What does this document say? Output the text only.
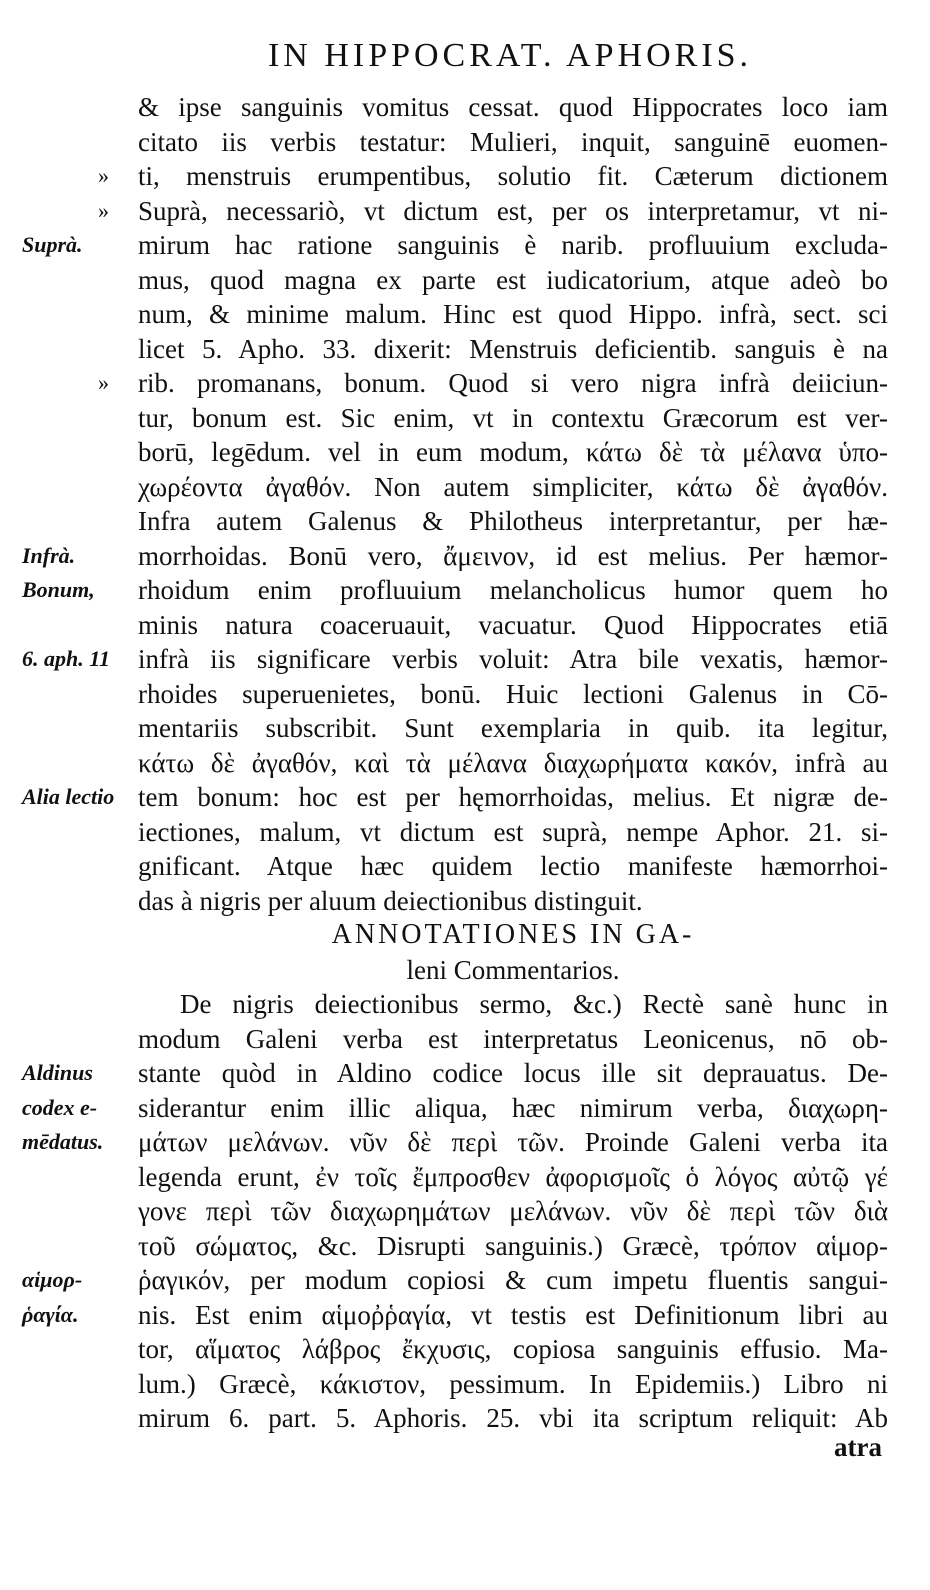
IN HIPPOCRAT. APHORIS.
& ipse sanguinis vomitus cessat. quod Hippocrates loco iam
citato iis verbis testatur: Mulieri, inquit, sanguinē euomen-
» ti, menstruis erumpentibus, solutio fit. Cæterum dictionem
» Suprà, necessariò, vt dictum est, per os interpretamur, vt ni-
Suprà. mirum hac ratione sanguinis è narib. profluuium excluda-
mus, quod magna ex parte est iudicatorium, atque adeò bo
num, & minime malum. Hinc est quod Hippo. infrà, sect. sci
licet 5. Apho. 33. dixerit: Menstruis deficientib. sanguis è na
» rib. promanans, bonum. Quod si vero nigra infrà deiiciun-
tur, bonum est. Sic enim, vt in contextu Græcorum est ver-
borū, legēdum. vel in eum modum, κάτω δὲ τὰ μέλανα ὑπο-
χωρέοντα ἀγαθόν. Non autem simpliciter, κάτω δὲ ἀγαθόν.
Infra autem Galenus & Philotheus interpretantur, per hæ-
Infrà. morrhoidas. Bonū vero, ἄμεινον, id est melius. Per hæmor-
Bonum, rhoidum enim profluuium melancholicus humor quem ho
minis natura coaceruauit, vacuatur. Quod Hippocrates etiā
6. aph. 11 infrà iis significare verbis voluit: Atra bile vexatis, hæmor-
rhoides superuenietes, bonū. Huic lectioni Galenus in Cō-
mentariis subscribit. Sunt exemplaria in quib. ita legitur,
κάτω δὲ ἀγαθόν, καὶ τὰ μέλανα διαχωρήματα κακόν, infrà au
Alia lectio tem bonum: hoc est per hęmorrhoidas, melius. Et nigræ de-
iectiones, malum, vt dictum est suprà, nempe Aphor. 21. si-
gnificant. Atque hæc quidem lectio manifeste hæmorrhoi-
das à nigris per aluum deiectionibus distinguit.
ANNOTATIONES IN GA-
leni Commentarios.
De nigris deiectionibus sermo, &c.) Rectè sanè hunc in
modum Galeni verba est interpretatus Leonicenus, nō ob-
Aldinus stante quòd in Aldino codice locus ille sit deprauatus. De-
codex e- siderantur enim illic aliqua, hæc nimirum verba, διαχωρη-
mēdatus. μάτων μελάνων. νῦν δὲ περὶ τῶν. Proinde Galeni verba ita
legenda erunt, ἐν τοῖς ἔμπροσθεν ἀφορισμοῖς ὁ λόγος αὐτῷ γέ
γονε περὶ τῶν διαχωρημάτων μελάνων. νῦν δὲ περὶ τῶν διὰ
τοῦ σώματος, &c. Disrupti sanguinis.) Græcè, τρόπον αἱμορ-
αἱμορ- ῥαγικόν, per modum copiosi & cum impetu fluentis sangui-
ῥαγία. nis. Est enim αἱμοῤῥαγία, vt testis est Definitionum libri au
tor, αἵματος λάβρος ἔκχυσις, copiosa sanguinis effusio. Ma-
lum.) Græcè, κάκιστον, pessimum. In Epidemiis.) Libro ni
mirum 6. part. 5. Aphoris. 25. vbi ita scriptum reliquit: Ab
atra
